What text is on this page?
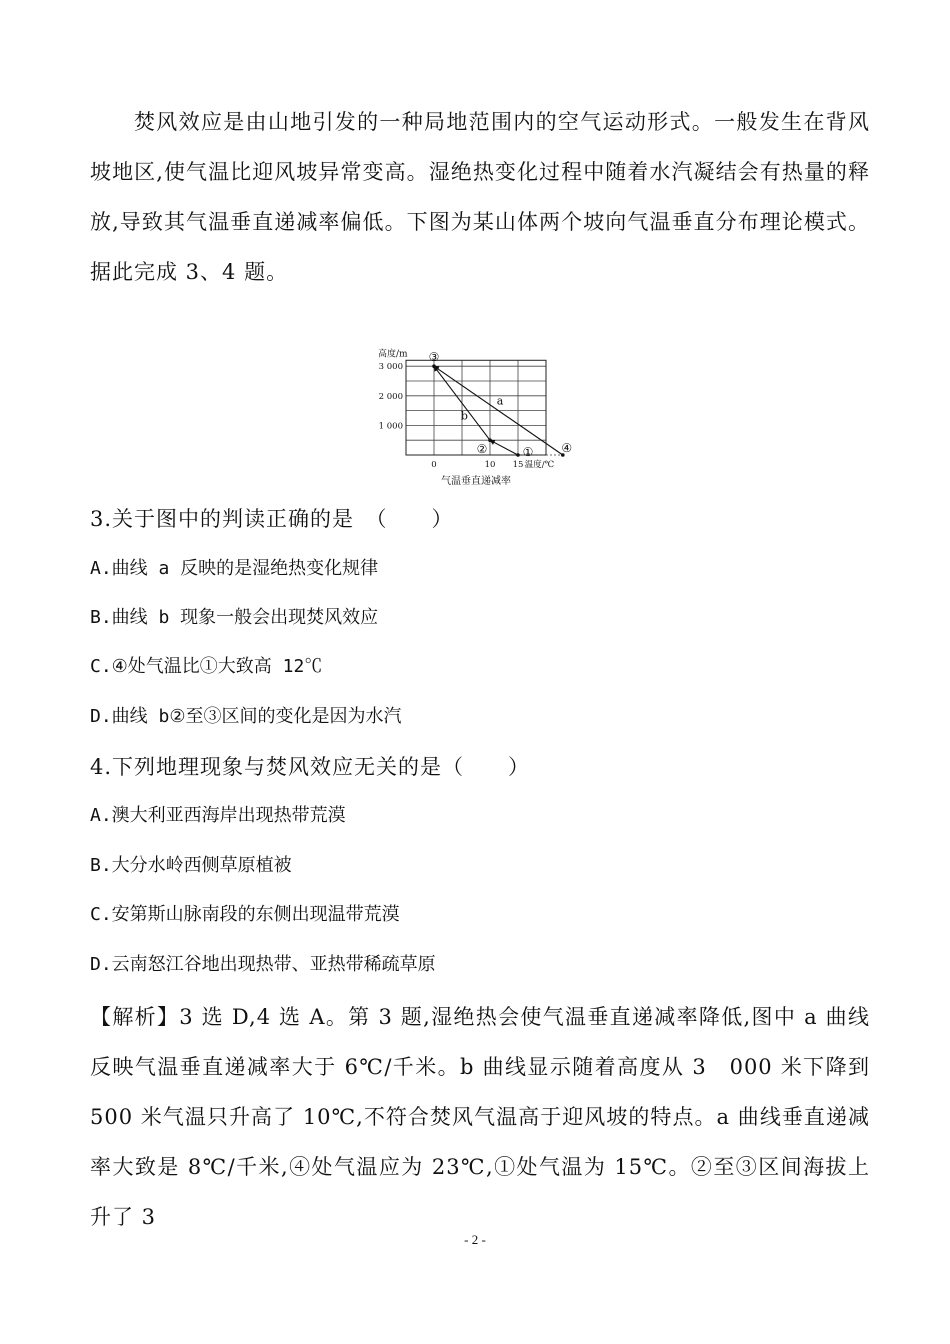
焚风效应是由山地引发的一种局地范围内的空气运动形式。一般发生在背风坡地区,使气温比迎风坡异常变高。湿绝热变化过程中随着水汽凝结会有热量的释放,导致其气温垂直递减率偏低。下图为某山体两个坡向气温垂直分布理论模式。据此完成 3、4 题。
1 000
2 000
3 000
0	10 15
高度/m
温度/℃
气温垂直递减率
a
b
③
②	① ④
3.关于图中的判读正确的是　（　　）
A.曲线 a 反映的是湿绝热变化规律
B.曲线 b 现象一般会出现焚风效应
C.④处气温比①大致高 12℃
D.曲线 b②至③区间的变化是因为水汽
4.下列地理现象与焚风效应无关的是（　　）
A.澳大利亚西海岸出现热带荒漠
B.大分水岭西侧草原植被
C.安第斯山脉南段的东侧出现温带荒漠
D.云南怒江谷地出现热带、亚热带稀疏草原
【解析】3 选 D,4 选 A。第 3 题,湿绝热会使气温垂直递减率降低,图中 a 曲线反映气温垂直递减率大于 6℃/千米。b 曲线显示随着高度从 3　000 米下降到 500 米气温只升高了 10℃,不符合焚风气温高于迎风坡的特点。a 曲线垂直递减率大致是 8℃/千米,④处气温应为 23℃,①处气温为 15℃。②至③区间海拔上升了 3
- 2 -
